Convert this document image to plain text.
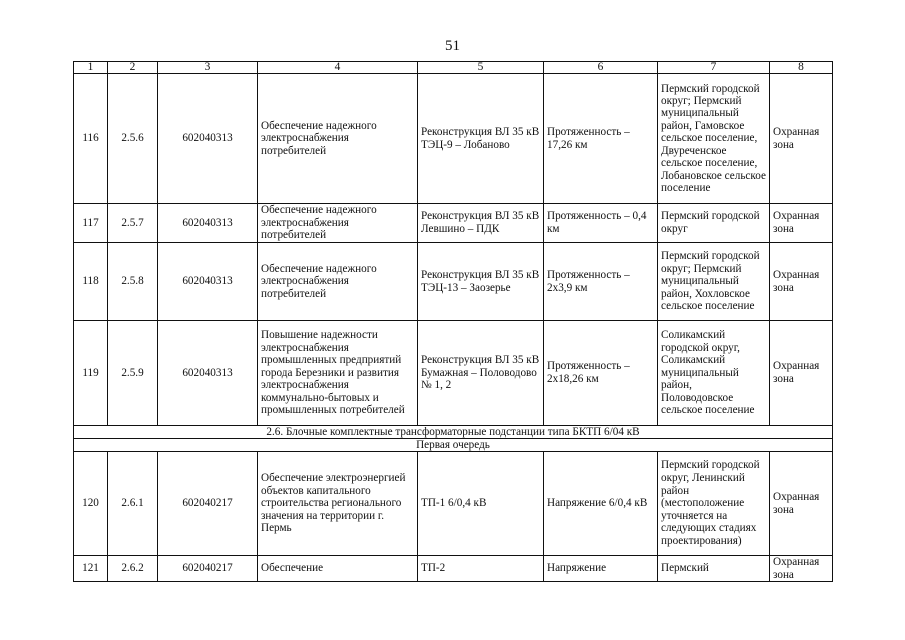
51
1	2	3	4	5	6	7	8
116	2.5.6	602040313	Обеспечение надежного электроснабжения потребителей	Реконструкция ВЛ 35 кВ ТЭЦ-9 – Лобаново	Протяженность – 17,26 км	Пермский городской округ; Пермский муниципальный район, Гамовское сельское поселение, Двуреченское сельское поселение, Лобановское сельское поселение	Охранная зона
117	2.5.7	602040313	Обеспечение надежного электроснабжения потребителей	Реконструкция ВЛ 35 кВ Левшино – ПДК	Протяженность – 0,4 км	Пермский городской округ	Охранная зона
118	2.5.8	602040313	Обеспечение надежного электроснабжения потребителей	Реконструкция ВЛ 35 кВ ТЭЦ-13 – Заозерье	Протяженность – 2х3,9 км	Пермский городской округ; Пермский муниципальный район, Хохловское сельское поселение	Охранная зона
119	2.5.9	602040313	Повышение надежности электроснабжения промышленных предприятий города Березники и развития электроснабжения коммунально-бытовых и промышленных потребителей	Реконструкция ВЛ 35 кВ Бумажная – Половодово № 1, 2	Протяженность – 2х18,26 км	Соликамский городской округ, Соликамский муниципальный район, Половодовское сельское поселение	Охранная зона
2.6. Блочные комплектные трансформаторные подстанции типа БКТП 6/04 кВ							
Первая очередь							
120	2.6.1	602040217	Обеспечение электроэнергией объектов капитального строительства регионального значения на территории г. Пермь	ТП-1 6/0,4 кВ	Напряжение 6/0,4 кВ	Пермский городской округ, Ленинский район (местоположение уточняется на следующих стадиях проектирования)	Охранная зона
121	2.6.2	602040217	Обеспечение	ТП-2	Напряжение	Пермский	Охранная зона
